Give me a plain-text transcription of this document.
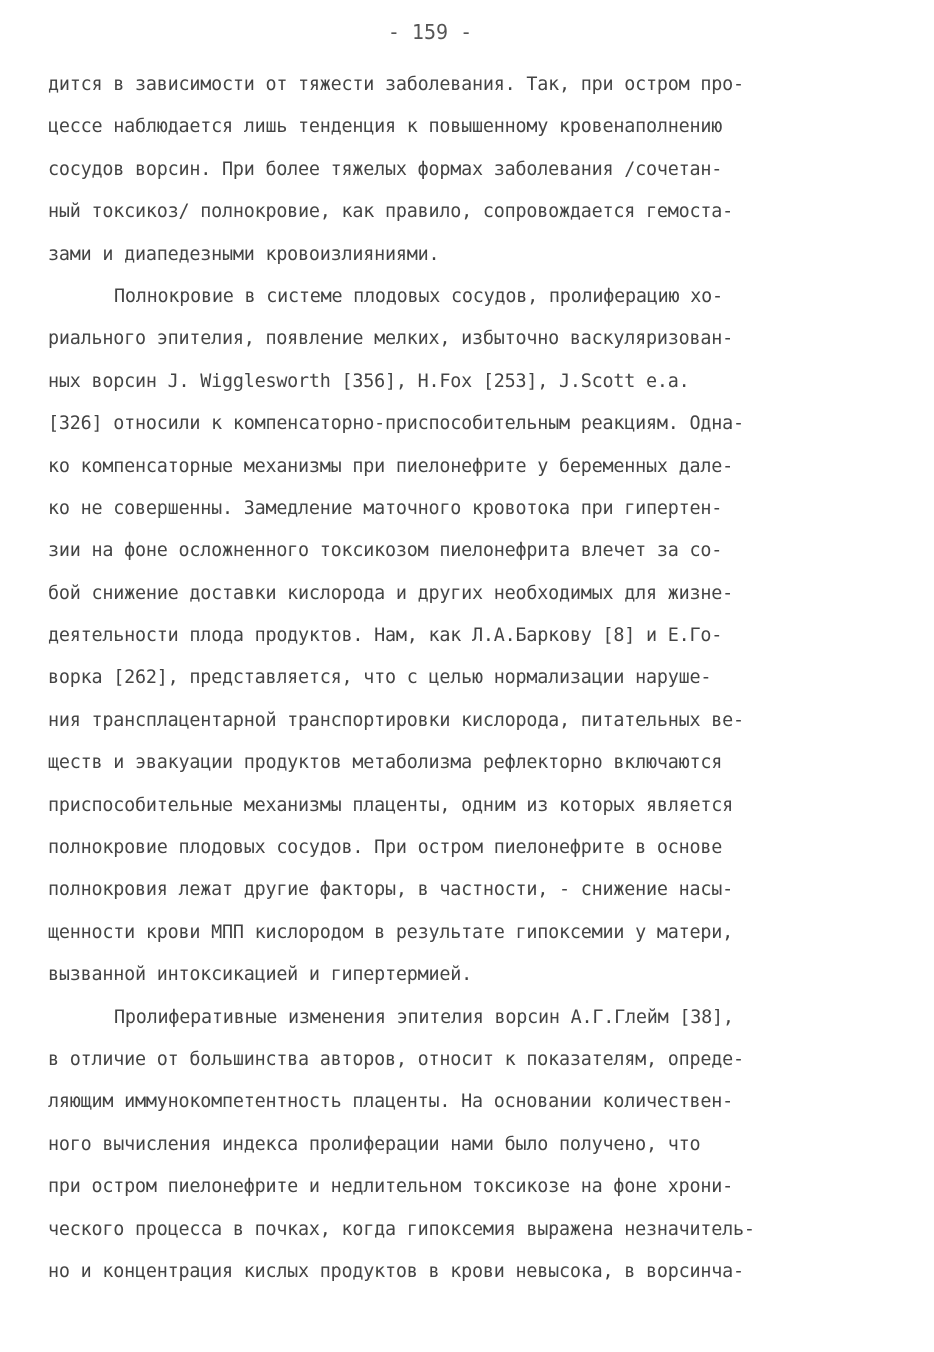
- 159 -
дится в зависимости от тяжести заболевания. Так, при остром про-
цессе наблюдается лишь тенденция к повышенному кровенаполнению
сосудов ворсин. При более тяжелых формах заболевания /сочетан-
ный токсикоз/ полнокровие, как правило, сопровождается гемоста-
зами и диапедезными кровоизлияниями.
Полнокровие в системе плодовых сосудов, пролиферацию хо-
риального эпителия, появление мелких, избыточно васкуляризован-
ных ворсин J. Wigglesworth [356], H.Fox [253], J.Scott e.a.
[326] относили к компенсаторно-приспособительным реакциям. Одна-
ко компенсаторные механизмы при пиелонефрите у беременных дале-
ко не совершенны. Замедление маточного кровотока при гипертен-
зии на фоне осложненного токсикозом пиелонефрита влечет за со-
бой снижение доставки кислорода и других необходимых для жизне-
деятельности плода продуктов. Нам, как Л.А.Баркову [8] и Е.Го-
ворка [262], представляется, что с целью нормализации наруше-
ния трансплацентарной транспортировки кислорода, питательных ве-
ществ и эвакуации продуктов метаболизма рефлекторно включаются
приспособительные механизмы плаценты, одним из которых является
полнокровие плодовых сосудов. При остром пиелонефрите в основе
полнокровия лежат другие факторы, в частности, - снижение насы-
щенности крови МПП кислородом в результате гипоксемии у матери,
вызванной интоксикацией и гипертермией.
Пролиферативные изменения эпителия ворсин А.Г.Глейм [38],
в отличие от большинства авторов, относит к показателям, опреде-
ляющим иммунокомпетентность плаценты. На основании количествен-
ного вычисления индекса пролиферации нами было получено, что
при остром пиелонефрите и недлительном токсикозе на фоне хрони-
ческого процесса в почках, когда гипоксемия выражена незначитель-
но и концентрация кислых продуктов в крови невысока, в ворсинча-
